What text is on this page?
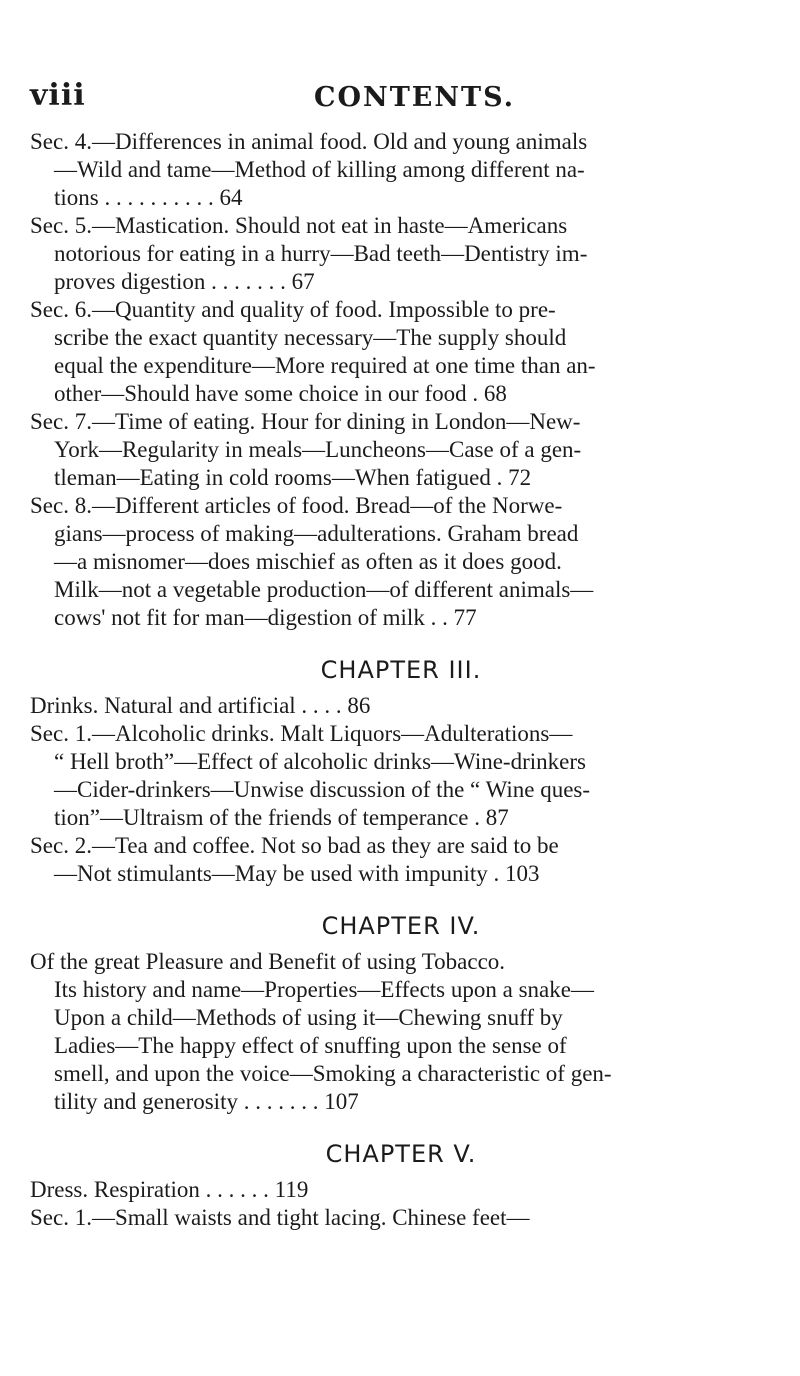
viii	CONTENTS.
Sec. 4.—Differences in animal food. Old and young animals
—Wild and tame—Method of killing among different na-
tions . . . . . . . . . . 64
Sec. 5.—Mastication. Should not eat in haste—Americans
notorious for eating in a hurry—Bad teeth—Dentistry im-
proves digestion . . . . . . . 67
Sec. 6.—Quantity and quality of food. Impossible to pre-
scribe the exact quantity necessary—The supply should
equal the expenditure—More required at one time than an-
other—Should have some choice in our food . 68
Sec. 7.—Time of eating. Hour for dining in London—New-
York—Regularity in meals—Luncheons—Case of a gen-
tleman—Eating in cold rooms—When fatigued . 72
Sec. 8.—Different articles of food. Bread—of the Norwe-
gians—process of making—adulterations. Graham bread
—a misnomer—does mischief as often as it does good.
Milk—not a vegetable production—of different animals—
cows' not fit for man—digestion of milk . . 77
CHAPTER III.
Drinks. Natural and artificial . . . . 86
Sec. 1.—Alcoholic drinks. Malt Liquors—Adulterations—
“ Hell broth”—Effect of alcoholic drinks—Wine-drinkers
—Cider-drinkers—Unwise discussion of the “ Wine ques-
tion”—Ultraism of the friends of temperance . 87
Sec. 2.—Tea and coffee. Not so bad as they are said to be
—Not stimulants—May be used with impunity . 103
CHAPTER IV.
Of the great Pleasure and Benefit of using Tobacco.
Its history and name—Properties—Effects upon a snake—
Upon a child—Methods of using it—Chewing snuff by
Ladies—The happy effect of snuffing upon the sense of
smell, and upon the voice—Smoking a characteristic of gen-
tility and generosity . . . . . . . 107
CHAPTER V.
Dress. Respiration . . . . . . 119
Sec. 1.—Small waists and tight lacing. Chinese feet—
